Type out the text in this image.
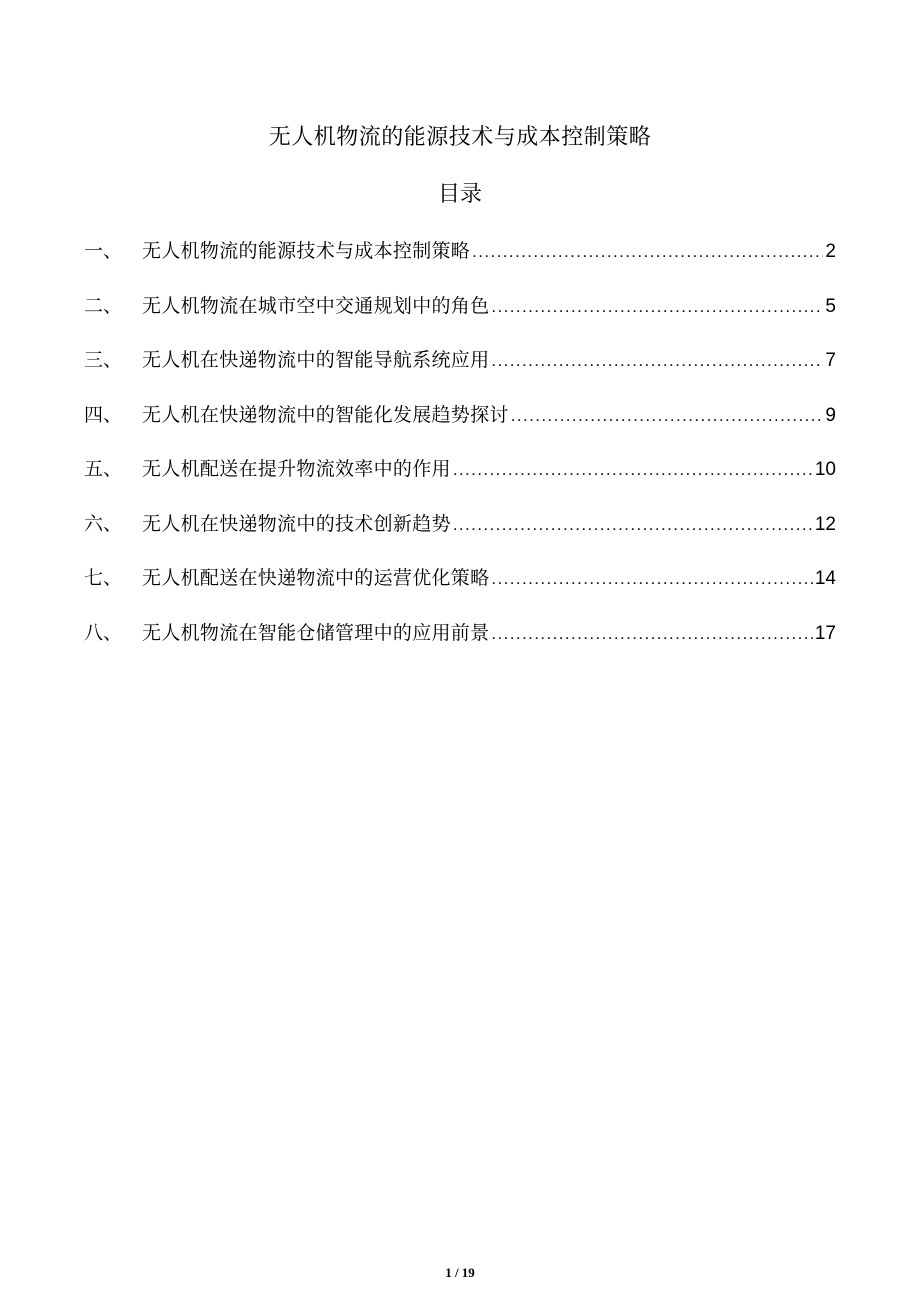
无人机物流的能源技术与成本控制策略
目录
一、	无人机物流的能源技术与成本控制策略 .....	2
二、	无人机物流在城市空中交通规划中的角色 .....	5
三、	无人机在快递物流中的智能导航系统应用 .....	7
四、	无人机在快递物流中的智能化发展趋势探讨 .....	9
五、	无人机配送在提升物流效率中的作用 .....	10
六、	无人机在快递物流中的技术创新趋势 .....	12
七、	无人机配送在快递物流中的运营优化策略 .....	14
八、	无人机物流在智能仓储管理中的应用前景 .....	17
1 / 19
